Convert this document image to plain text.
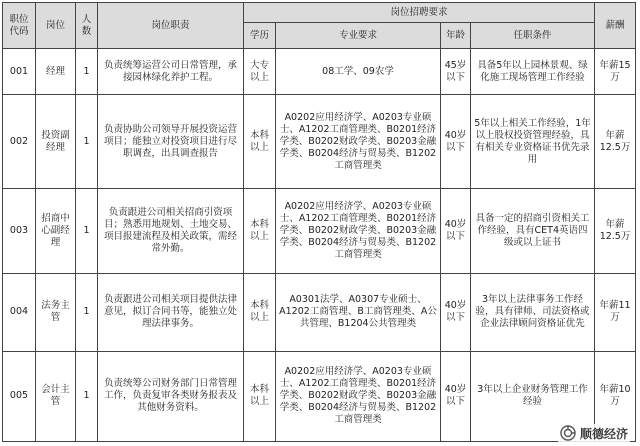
职位代码	岗位	人数	岗位职责	岗位招聘要求				薪酬
				学历	专业要求	年龄	任职条件	
001	经理	1	负责统筹运营公司日常管理，承接园林绿化养护工程。	大专以上	08工学、09农学	45岁以下	具备5年以上园林景观、绿化施工现场管理工作经验	年薪15万
002	投资副经理	1	负责协助公司领导开展投资运营项目；能独立对投资项目进行尽职调查，出具调查报告	本科以上	A0202应用经济学、A0203专业硕士、A1202工商管理类、B0201经济学类、B0202财政学类、B0203金融学类、B0204经济与贸易类、B1202工商管理类	40岁以下	5年以上相关工作经验，1年以上股权投资管理经验，具有相关专业资格证书优先录用	年薪12.5万
003	招商中心副经理	1	负责跟进公司相关招商引资项目；熟悉用地规划、土地交易、项目报建流程及相关政策，需经常外勤。	本科以上	A0202应用经济学、A0203专业硕士、A1202工商管理类、B0201经济学类、B0202财政学类、B0203金融学类、B0204经济与贸易类、B1202工商管理类	40岁以下	具备一定的招商引资相关工作经验，具有CET4英语四级或以上证书	年薪12.5万
004	法务主管	1	负责跟进公司相关项目提供法律意见，拟订合同书等，能独立处理法律事务。	本科以上	A0301法学、A0307专业硕士、A1202工商管理、B工商管理类、A公共管理、B1204公共管理类	40岁以下	3年以上法律事务工作经验，具有律师、司法资格或企业法律顾问资格证优先	年薪11万
005	会计主管	1	负责统筹公司财务部门日常管理工作，负责复审各类财务报表及其他财务资料。	本科以上	A0202应用经济学、A0203专业硕士、A1202工商管理类、B0201经济学类、B0202财政学类、B0203金融学类、B0204经济与贸易类、B1202工商管理类	40岁以下	3年以上企业财务管理工作经验	年薪10万
顺德经济
